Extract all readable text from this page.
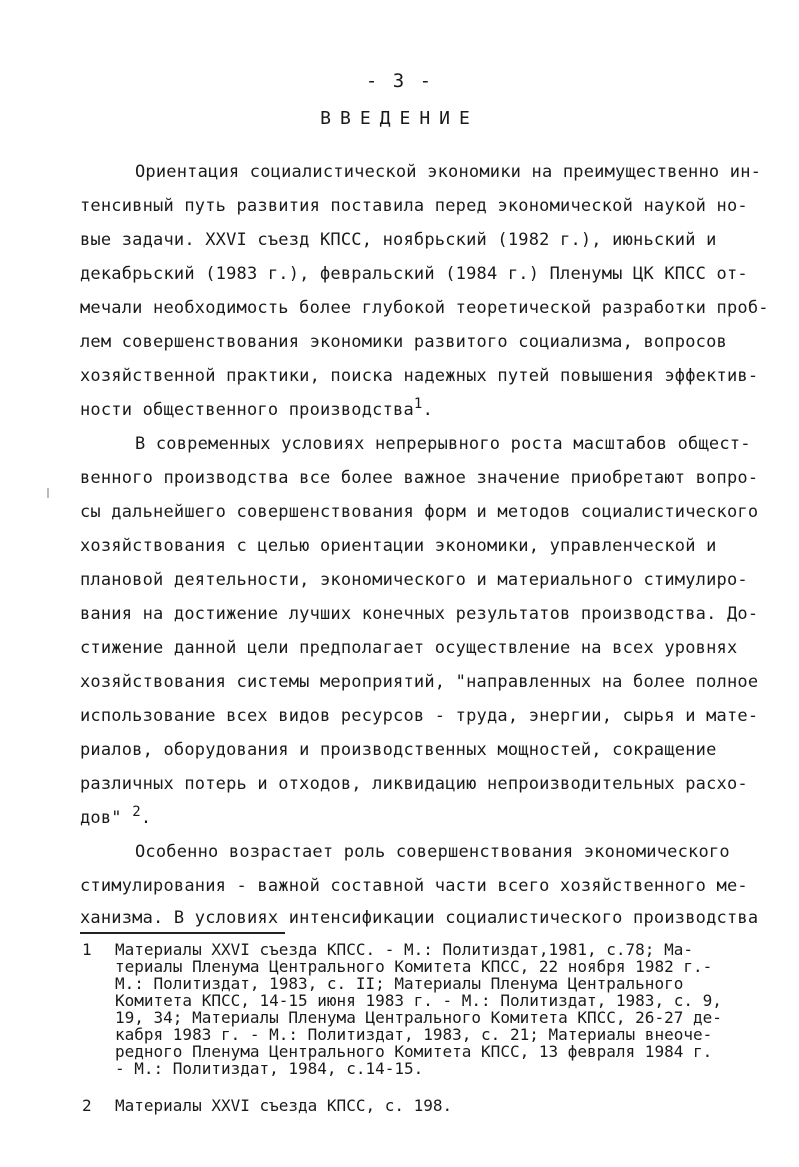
- 3 -
ВВЕДЕНИЕ
Ориентация социалистической экономики на преимущественно ин-
тенсивный путь развития поставила перед экономической наукой но-
вые задачи. XXVI съезд КПСС, ноябрьский (1982 г.), июньский и
декабрьский (1983 г.), февральский (1984 г.) Пленумы ЦК КПСС от-
мечали необходимость более глубокой теоретической разработки проб-
лем совершенствования экономики развитого социализма, вопросов
хозяйственной практики, поиска надежных путей повышения эффектив-
ности общественного производства$^1$.
В современных условиях непрерывного роста масштабов общест-
венного производства все более важное значение приобретают вопро-
сы дальнейшего совершенствования форм и методов социалистического
хозяйствования с целью ориентации экономики, управленческой и
плановой деятельности, экономического и материального стимулиро-
вания на достижение лучших конечных результатов производства. До-
стижение данной цели предполагает осуществление на всех уровнях
хозяйствования системы мероприятий, "направленных на более полное
использование всех видов ресурсов - труда, энергии, сырья и мате-
риалов, оборудования и производственных мощностей, сокращение
различных потерь и отходов, ликвидацию непроизводительных расхо-
дов" $^2$.
Особенно возрастает роль совершенствования экономического
стимулирования - важной составной части всего хозяйственного ме-
ханизма. В условиях интенсификации социалистического производства
1 Материалы XXVI съезда КПСС. - М.: Политиздат,1981, с.78; Ма-
териалы Пленума Центрального Комитета КПСС, 22 ноября 1982 г.-
М.: Политиздат, 1983, с. II; Материалы Пленума Центрального
Комитета КПСС, 14-15 июня 1983 г. - М.: Политиздат, 1983, с. 9,
19, 34; Материалы Пленума Центрального Комитета КПСС, 26-27 де-
кабря 1983 г. - М.: Политиздат, 1983, с. 21; Материалы внеоче-
редного Пленума Центрального Комитета КПСС, 13 февраля 1984 г.
- М.: Политиздат, 1984, с.14-15.
2 Материалы XXVI съезда КПСС, с. 198.
